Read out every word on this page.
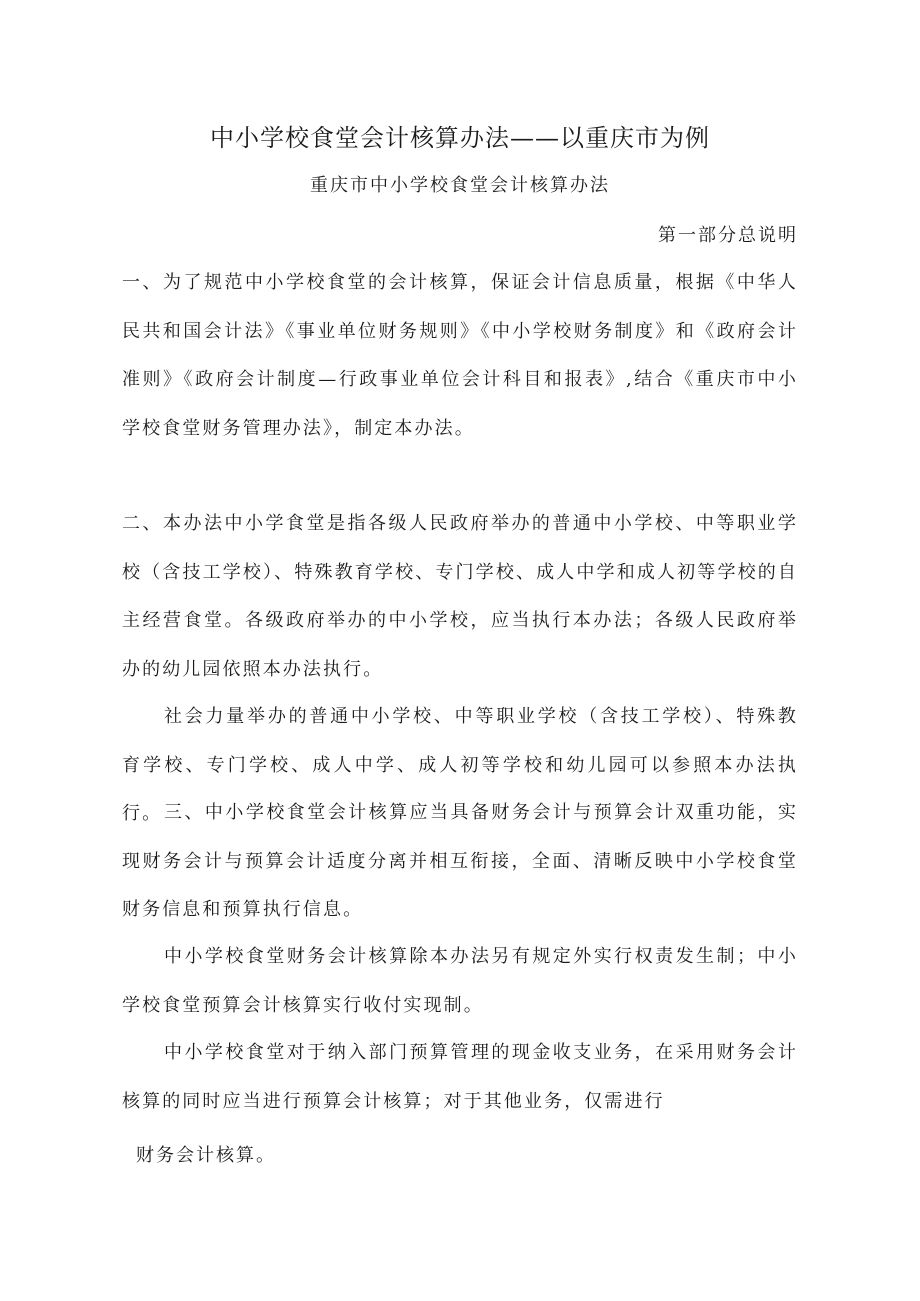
中小学校食堂会计核算办法——以重庆市为例
重庆市中小学校食堂会计核算办法
第一部分总说明

一、为了规范中小学校食堂的会计核算，保证会计信息质量，根据《中华人民共和国会计法》《事业单位财务规则》《中小学校财务制度》和《政府会计准则》《政府会计制度—行政事业单位会计科目和报表》,结合《重庆市中小学校食堂财务管理办法》，制定本办法。

二、本办法中小学食堂是指各级人民政府举办的普通中小学校、中等职业学校（含技工学校）、特殊教育学校、专门学校、成人中学和成人初等学校的自主经营食堂。各级政府举办的中小学校，应当执行本办法；各级人民政府举办的幼儿园依照本办法执行。

社会力量举办的普通中小学校、中等职业学校（含技工学校）、特殊教育学校、专门学校、成人中学、成人初等学校和幼儿园可以参照本办法执行。 三、中小学校食堂会计核算应当具备财务会计与预算会计双重功能，实现财务会计与预算会计适度分离并相互衔接，全面、清晰反映中小学校食堂财务信息和预算执行信息。

中小学校食堂财务会计核算除本办法另有规定外实行权责发生制；中小学校食堂预算会计核算实行收付实现制。

中小学校食堂对于纳入部门预算管理的现金收支业务，在采用财务会计核算的同时应当进行预算会计核算；对于其他业务，仅需进行

财务会计核算。
